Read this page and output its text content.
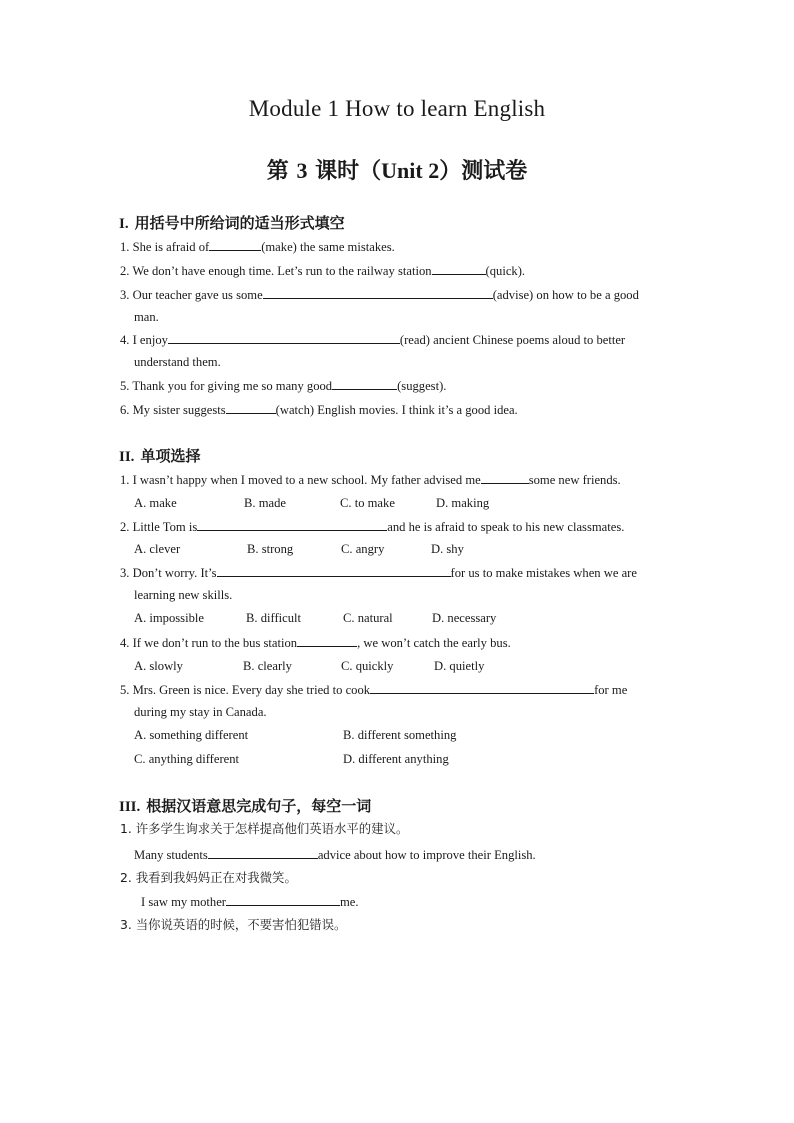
Module 1 How to learn English
第 3 课时（Unit 2）测试卷
I. 用括号中所给词的适当形式填空
1. She is afraid of	(make) the same mistakes.
2. We don’t have enough time. Let’s run to the railway station	(quick).
3. Our teacher gave us some	(advise) on how to be a good
man.
4. I enjoy	(read) ancient Chinese poems aloud to better
understand them.
5. Thank you for giving me so many good	(suggest).
6. My sister suggests	(watch) English movies. I think it’s a good idea.
II. 单项选择
1. I wasn’t happy when I moved to a new school. My father advised me	some new friends.
A. make	B. made	C. to make	D. making
2. Little Tom is	and he is afraid to speak to his new classmates.
A. clever	B. strong	C. angry	D. shy
3. Don’t worry. It’s	for us to make mistakes when we are
learning new skills.
A. impossible	B. difficult	C. natural	D. necessary
4. If we don’t run to the bus station	, we won’t catch the early bus.
A. slowly	B. clearly	C. quickly	D. quietly
5. Mrs. Green is nice. Every day she tried to cook	for me
during my stay in Canada.
A. something different	B. different something
C. anything different	D. different anything
III. 根据汉语意思完成句子，每空一词
1. 许多学生询求关于怎样提高他们英语水平的建议。
Many students	advice about how to improve their English.
2. 我看到我妈妈正在对我微笑。
I saw my mother	me.
3. 当你说英语的时候，不要害怕犯错误。
